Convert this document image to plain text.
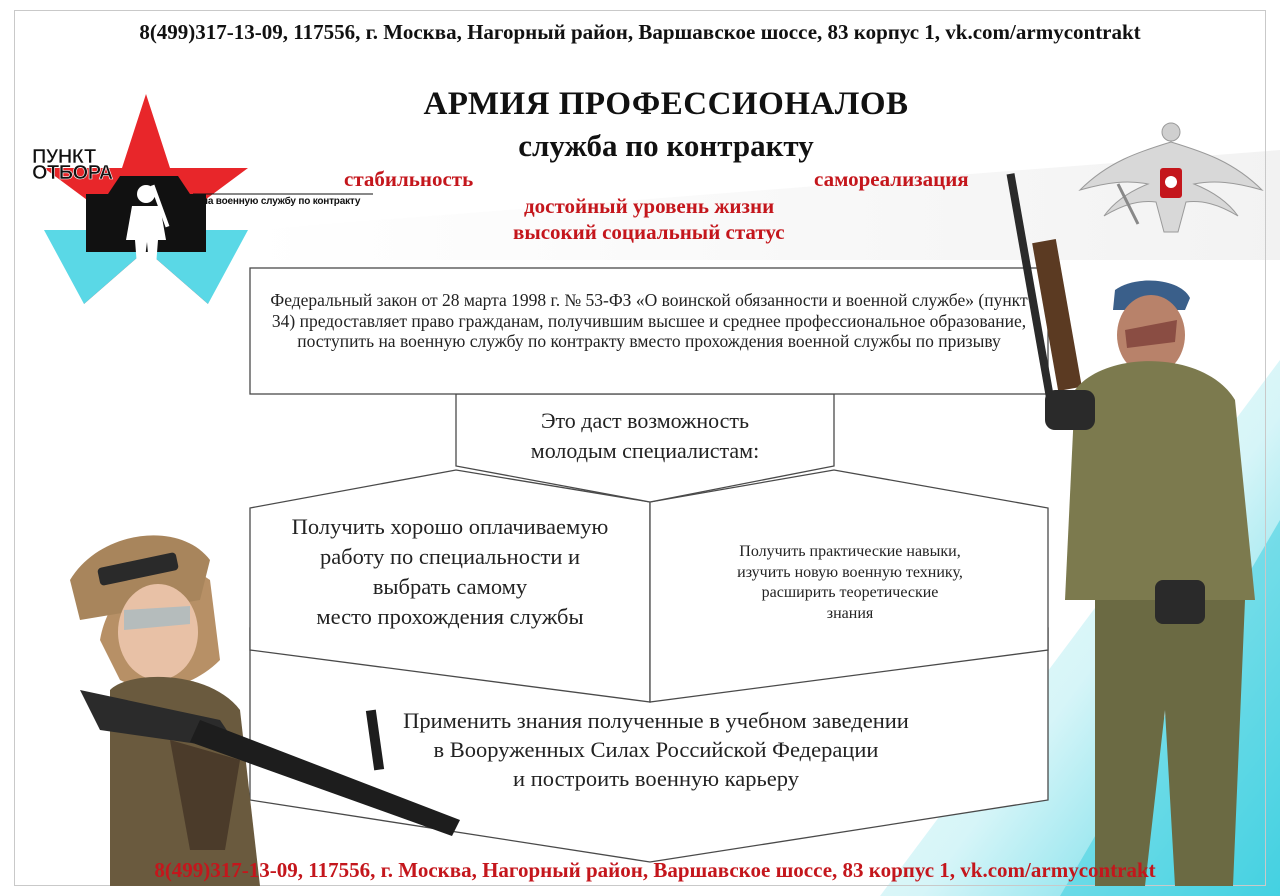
8(499)317-13-09, 117556, г. Москва, Нагорный район, Варшавское шоссе, 83 корпус 1, vk.com/armycontrakt
АРМИЯ ПРОФЕССИОНАЛОВ
служба по контракту
стабильность	самореализация
достойный уровень жизни
высокий социальный статус
ПУНКТ
ОТБОРА
на военную службу по контракту
Федеральный закон от 28 марта 1998 г. № 53-ФЗ «О воинской обязанности и военной службе» (пункт 34) предоставляет право гражданам, получившим высшее и среднее профессиональное образование, поступить на военную службу по контракту вместо прохождения военной службы по призыву
Это даст возможность
молодым специалистам:
Получить хорошо оплачиваемую
работу по специальности и
выбрать самому
место прохождения службы
Получить практические навыки,
изучить новую военную технику,
расширить теоретические
знания
Применить знания полученные в учебном заведении
в Вооруженных Силах Российской Федерации
и построить военную карьеру
8(499)317-13-09, 117556, г. Москва, Нагорный район, Варшавское шоссе, 83 корпус 1, vk.com/armycontrakt
